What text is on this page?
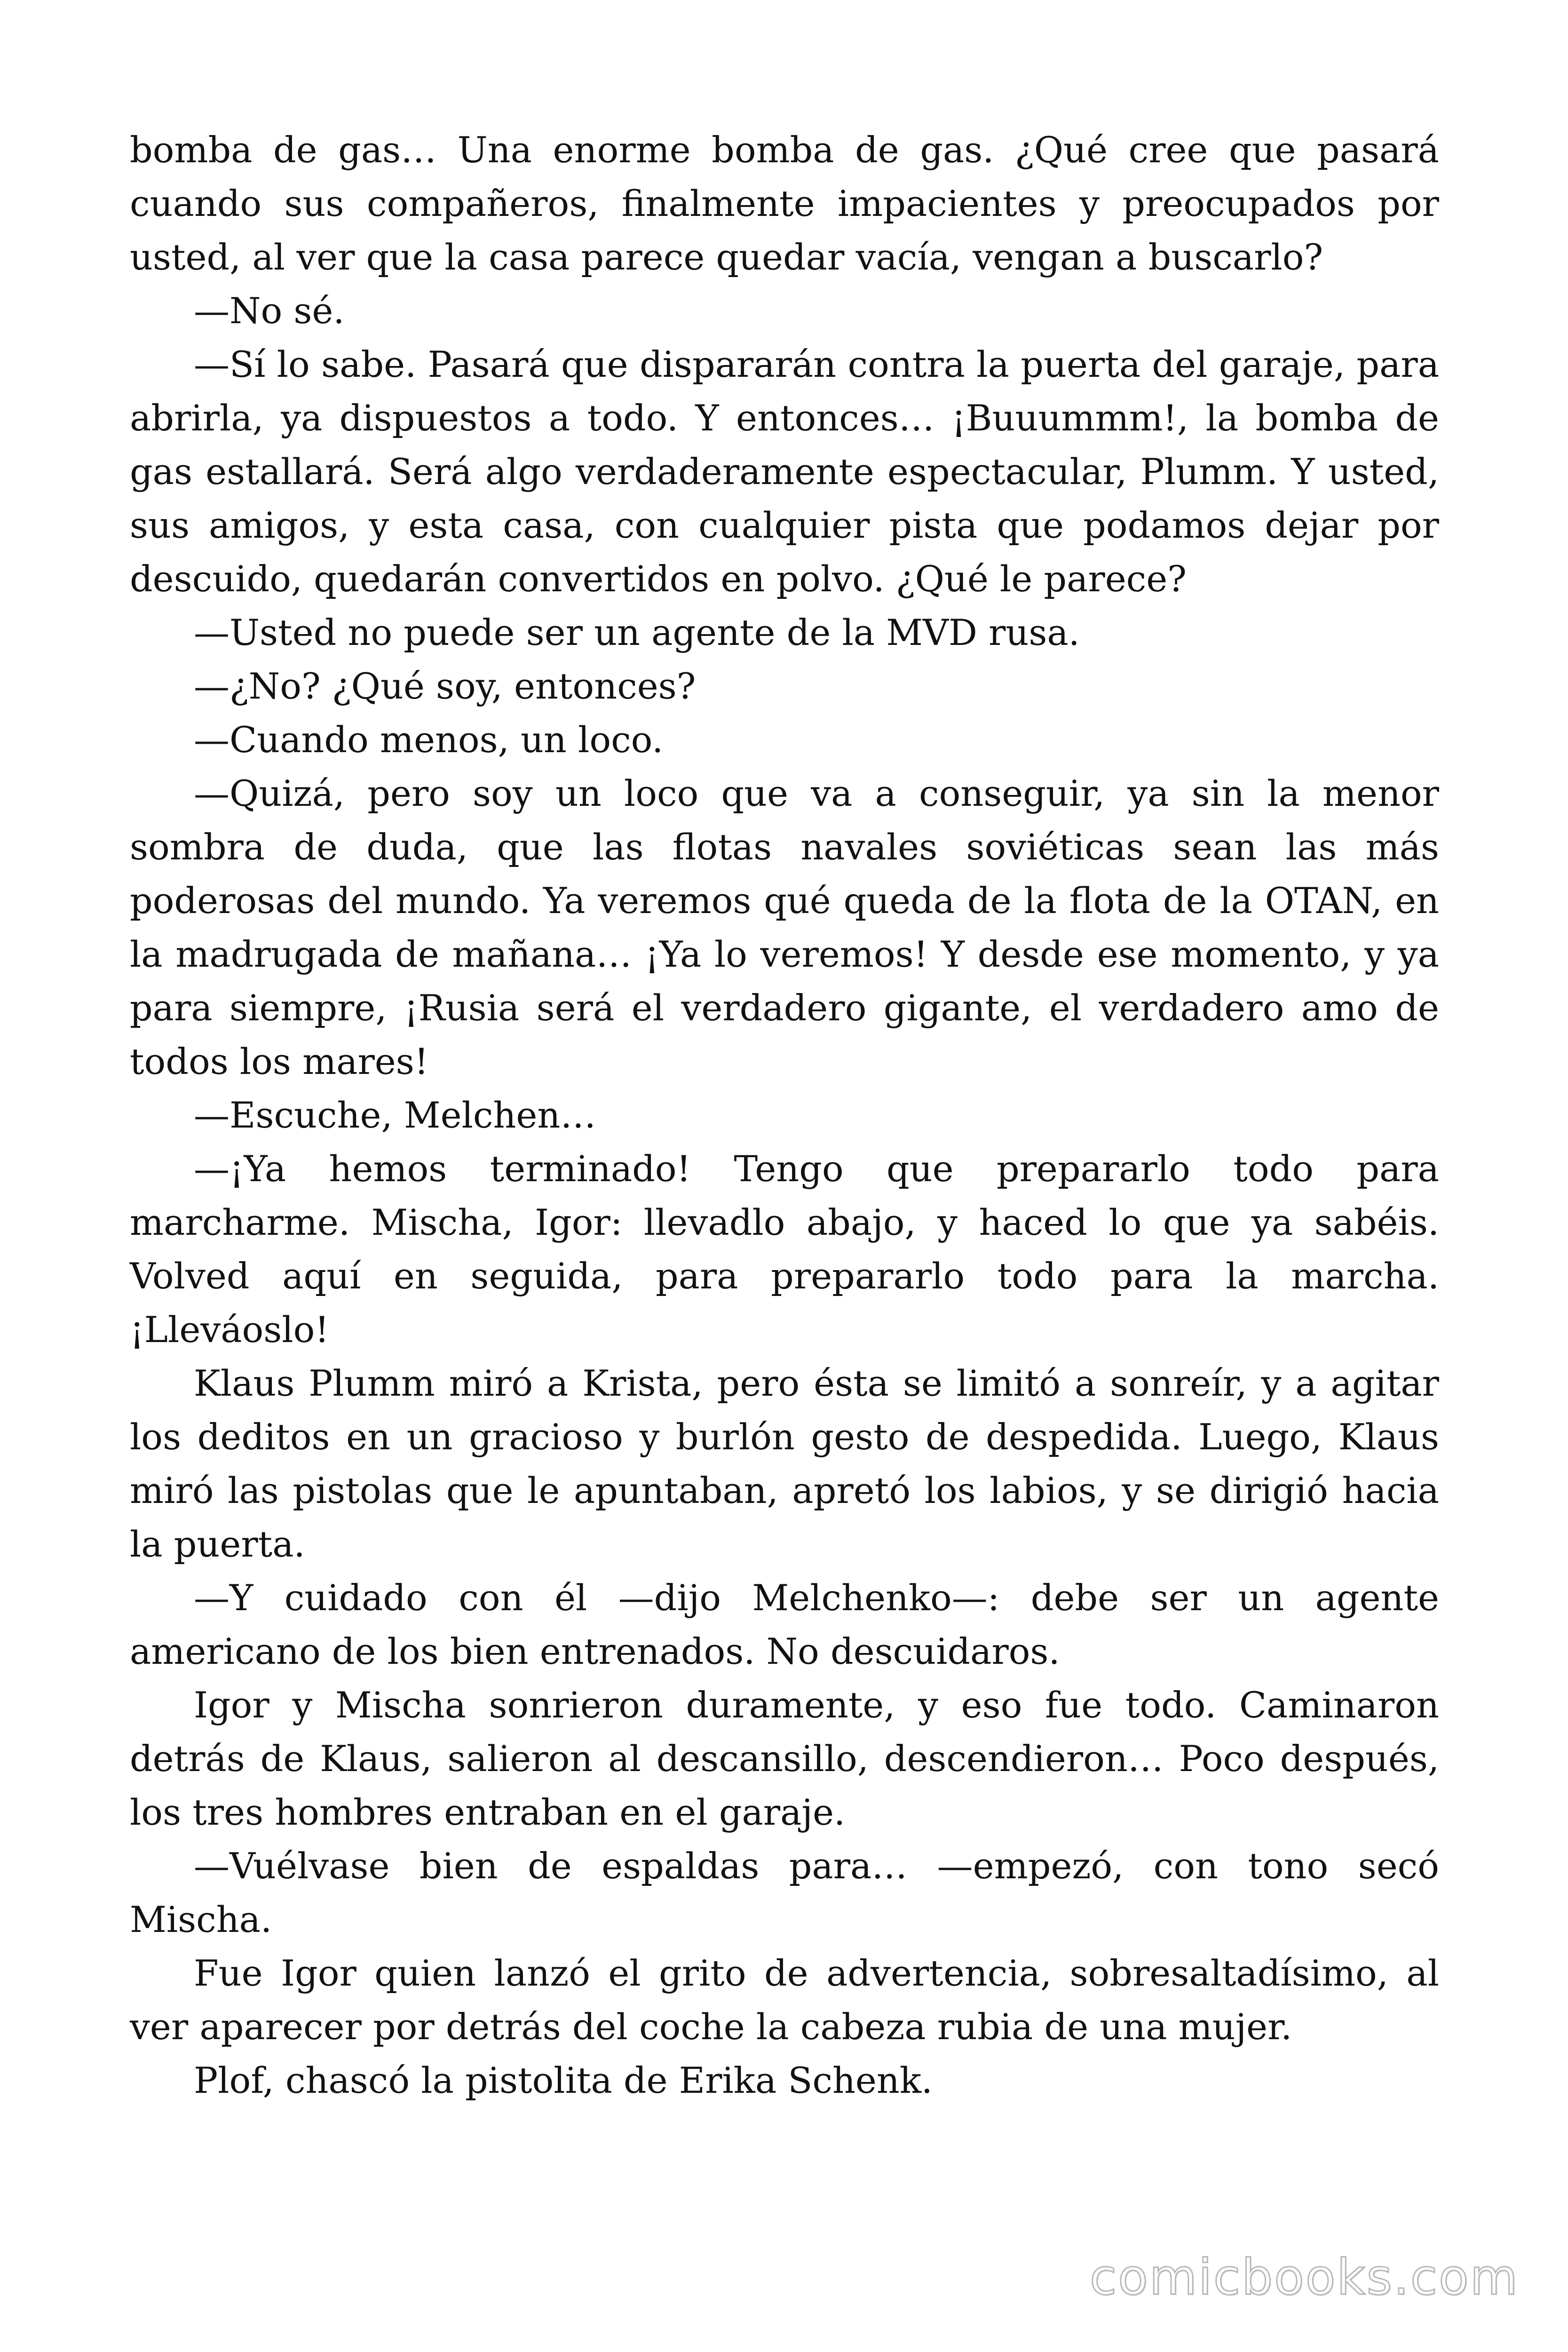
bomba de gas… Una enorme bomba de gas. ¿Qué cree que pasará cuando sus compañeros, finalmente impacientes y preocupados por usted, al ver que la casa parece quedar vacía, vengan a buscarlo?

—No sé.

—Sí lo sabe. Pasará que dispararán contra la puerta del garaje, para abrirla, ya dispuestos a todo. Y entonces… ¡Buuummm!, la bomba de gas estallará. Será algo verdaderamente espectacular, Plumm. Y usted, sus amigos, y esta casa, con cualquier pista que podamos dejar por descuido, quedarán convertidos en polvo. ¿Qué le parece?

—Usted no puede ser un agente de la MVD rusa.

—¿No? ¿Qué soy, entonces?

—Cuando menos, un loco.

—Quizá, pero soy un loco que va a conseguir, ya sin la menor sombra de duda, que las flotas navales soviéticas sean las más poderosas del mundo. Ya veremos qué queda de la flota de la OTAN, en la madrugada de mañana… ¡Ya lo veremos! Y desde ese momento, y ya para siempre, ¡Rusia será el verdadero gigante, el verdadero amo de todos los mares!

—Escuche, Melchen…

—¡Ya hemos terminado! Tengo que prepararlo todo para marcharme. Mischa, Igor: llevadlo abajo, y haced lo que ya sabéis. Volved aquí en seguida, para prepararlo todo para la marcha. ¡Lleváoslo!

Klaus Plumm miró a Krista, pero ésta se limitó a sonreír, y a agitar los deditos en un gracioso y burlón gesto de despedida. Luego, Klaus miró las pistolas que le apuntaban, apretó los labios, y se dirigió hacia la puerta.

—Y cuidado con él —dijo Melchenko—: debe ser un agente americano de los bien entrenados. No descuidaros.

Igor y Mischa sonrieron duramente, y eso fue todo. Caminaron detrás de Klaus, salieron al descansillo, descendieron… Poco después, los tres hombres entraban en el garaje.

—Vuélvase bien de espaldas para… —empezó, con tono secó Mischa.

Fue Igor quien lanzó el grito de advertencia, sobresaltadísimo, al ver aparecer por detrás del coche la cabeza rubia de una mujer.

Plof, chascó la pistolita de Erika Schenk.

comicbooks.com
